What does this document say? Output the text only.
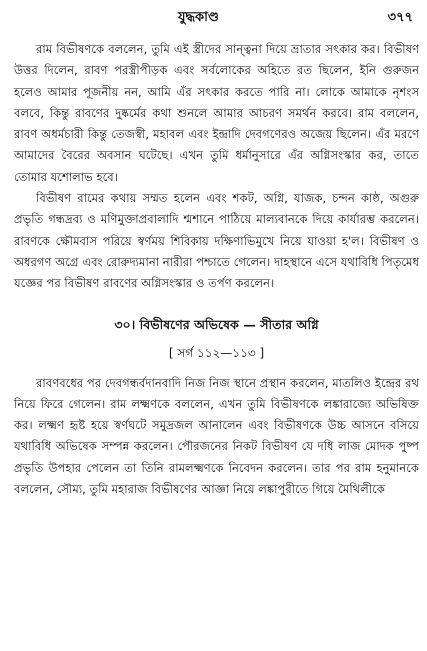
যুদ্ধকাণ্ড	৩৭৭

রাম বিভীষণকে বললেন, তুমি এই স্ত্রীদের সান্ত্বনা দিয়ে ভ্রাতার সৎকার কর। বিভীষণ উত্তর দিলেন, রাবণ পরস্ত্রীপীড়ক এবং সর্বলোকের অহিতে রত ছিলেন, ইনি গুরুজন হলেও আমার পূজনীয় নন, আমি এঁর সৎকার করতে পারি না। লোকে আমাকে নৃশংস বলবে, কিন্তু রাবণের দুষ্কর্মের কথা শুনলে আমার আচরণ সমর্থন করবে। রাম বললেন, রাবণ অধর্মচারী কিন্তু তেজস্বী, মহাবল এবং ইন্দ্রাদি দেবগণেরও অজেয় ছিলেন। এঁর মরণে আমাদের বৈরের অবসান ঘটেছে। এখন তুমি ধর্মানুসারে এঁর অগ্নিসংস্কার কর, তাতে তোমার যশোলাভ হবে।

বিভীষণ রামের কথায় সম্মত হলেন এবং শকট, অগ্নি, যাজক, চন্দন কাষ্ঠ, অগুরু প্রভৃতি গন্ধদ্রব্য ও মণিমুক্তাপ্রবালাদি শ্মশানে পাঠিয়ে মাল্যবানকে দিয়ে কার্যারম্ভ করলেন। রাবণকে ক্ষৌমবাস পরিয়ে স্বর্ণময় শিবিকায় দক্ষিণাভিমুখে নিয়ে যাওয়া হ'ল। বিভীষণ ও অধরগণ অগ্রে এবং রোরুদ্যমানা নারীরা পশ্চাতে গেলেন। দাহস্থানে এসে যথাবিধি পিতৃমেধ যজ্ঞের পর বিভীষণ রাবণের অগ্নিসংস্কার ও তর্পণ করলেন।

৩০। বিভীষণের অভিষেক — সীতার অগ্নি
[ সর্গ ১১২—১১৩ ]

রাবণবধের পর দেবগন্ধর্বদানবাদি নিজ নিজ স্থানে প্রস্থান করলেন, মাতলিও ইন্দ্রের রথ নিয়ে ফিরে গেলেন। রাম লক্ষ্মণকে বললেন, এখন তুমি বিভীষণকে লঙ্কারাজ্যে অভিষিক্ত কর। লক্ষ্মণ হৃষ্ট হয়ে স্বর্ণঘটে সমুদ্রজল আনালেন এবং বিভীষণকে উচ্চ আসনে বসিয়ে যথাবিধি অভিষেক সম্পন্ন করলেন। পৌরজনের নিকট বিভীষণ যে দধি লাজ মোদক পুষ্প প্রভৃতি উপহার পেলেন তা তিনি রামলক্ষ্মণকে নিবেদন করলেন। তার পর রাম হনুমানকে বললেন, সৌম্য, তুমি মহারাজ বিভীষণের আজ্ঞা নিয়ে লঙ্কাপুরীতে গিয়ে মৈথিলীকে
